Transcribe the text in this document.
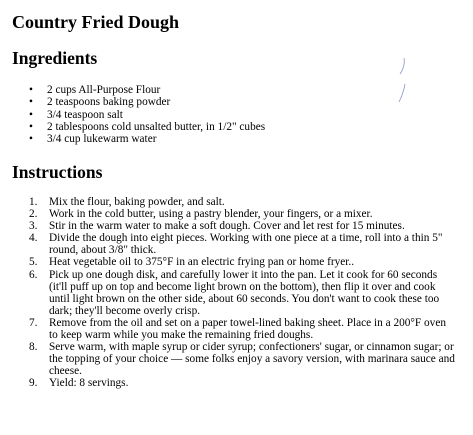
Country Fried Dough
Ingredients
• 2 cups All-Purpose Flour
• 2 teaspoons baking powder
• 3/4 teaspoon salt
• 2 tablespoons cold unsalted butter, in 1/2" cubes
• 3/4 cup lukewarm water
Instructions
1. Mix the flour, baking powder, and salt.
2. Work in the cold butter, using a pastry blender, your fingers, or a mixer.
3. Stir in the warm water to make a soft dough. Cover and let rest for 15 minutes.
4. Divide the dough into eight pieces. Working with one piece at a time, roll into a thin 5"
round, about 3/8" thick.
5. Heat vegetable oil to 375°F in an electric frying pan or home fryer..
6. Pick up one dough disk, and carefully lower it into the pan. Let it cook for 60 seconds
(it'll puff up on top and become light brown on the bottom), then flip it over and cook
until light brown on the other side, about 60 seconds. You don't want to cook these too
dark; they'll become overly crisp.
7. Remove from the oil and set on a paper towel-lined baking sheet. Place in a 200°F oven
to keep warm while you make the remaining fried doughs.
8. Serve warm, with maple syrup or cider syrup; confectioners' sugar, or cinnamon sugar; or
the topping of your choice — some folks enjoy a savory version, with marinara sauce and
cheese.
9. Yield: 8 servings.
